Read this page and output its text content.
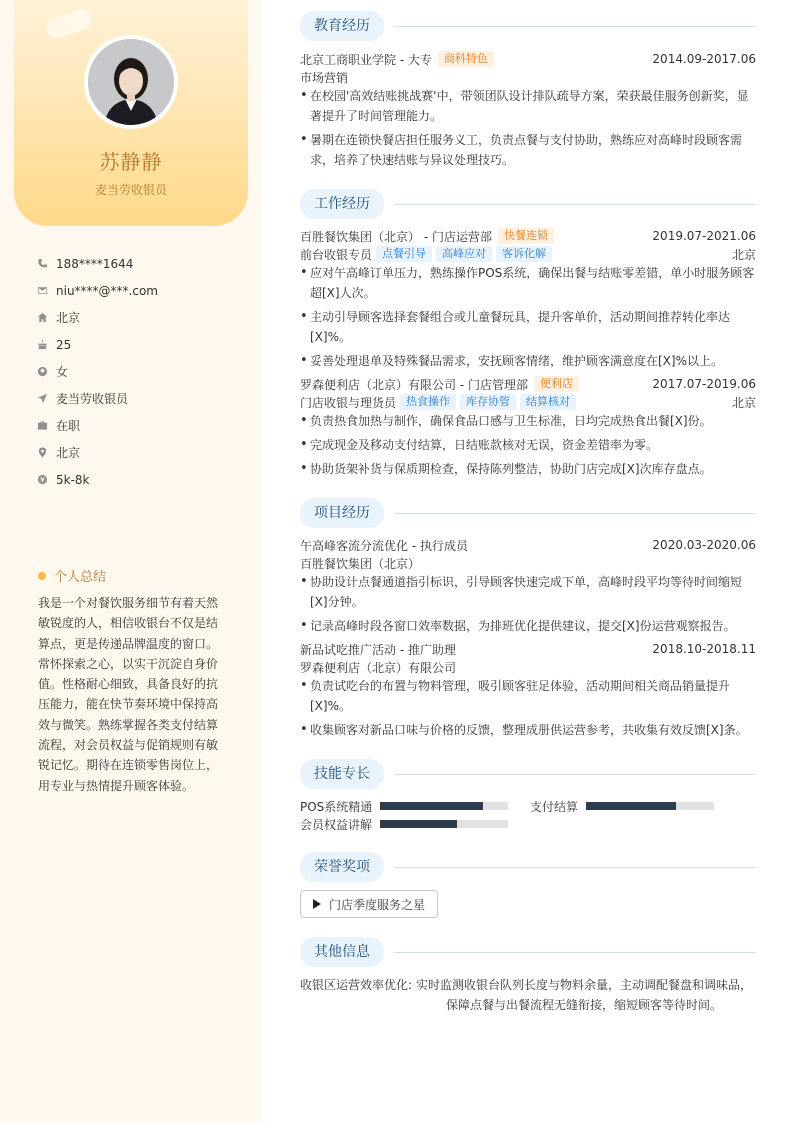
苏静静
麦当劳收银员
188****1644
niu****@***.com
北京
25
女
麦当劳收银员
在职
北京
5k-8k
个人总结
我是一个对餐饮服务细节有着天然敏锐度的人，相信收银台不仅是结算点，更是传递品牌温度的窗口。常怀探索之心，以实干沉淀自身价值。性格耐心细致，具备良好的抗压能力，能在快节奏环境中保持高效与微笑。熟练掌握各类支付结算流程，对会员权益与促销规则有敏锐记忆。期待在连锁零售岗位上，用专业与热情提升顾客体验。
教育经历
北京工商职业学院 - 大专	商科特色	2014.09-2017.06
市场营销
• 在校园'高效结账挑战赛'中，带领团队设计排队疏导方案，荣获最佳服务创新奖，显著提升了时间管理能力。
• 暑期在连锁快餐店担任服务义工，负责点餐与支付协助，熟练应对高峰时段顾客需求，培养了快速结账与异议处理技巧。
工作经历
百胜餐饮集团（北京） - 门店运营部	快餐连锁	2019.07-2021.06
前台收银专员 点餐引导	高峰应对	客诉化解	北京
• 应对午高峰订单压力，熟练操作POS系统，确保出餐与结账零差错，单小时服务顾客超[X]人次。
• 主动引导顾客选择套餐组合或儿童餐玩具，提升客单价，活动期间推荐转化率达[X]%。
• 妥善处理退单及特殊餐品需求，安抚顾客情绪，维护顾客满意度在[X]%以上。
罗森便利店（北京）有限公司 - 门店管理部	便利店	2017.07-2019.06
门店收银与理货员 热食操作	库存协管	结算核对	北京
• 负责热食加热与制作，确保食品口感与卫生标准，日均完成热食出餐[X]份。
• 完成现金及移动支付结算，日结账款核对无误，资金差错率为零。
• 协助货架补货与保质期检查，保持陈列整洁，协助门店完成[X]次库存盘点。
项目经历
午高峰客流分流优化 - 执行成员	2020.03-2020.06
百胜餐饮集团（北京）
• 协助设计点餐通道指引标识，引导顾客快速完成下单，高峰时段平均等待时间缩短[X]分钟。
• 记录高峰时段各窗口效率数据，为排班优化提供建议，提交[X]份运营观察报告。
新品试吃推广活动 - 推广助理	2018.10-2018.11
罗森便利店（北京）有限公司
• 负责试吃台的布置与物料管理，吸引顾客驻足体验，活动期间相关商品销量提升[X]%。
• 收集顾客对新品口味与价格的反馈，整理成册供运营参考，共收集有效反馈[X]条。
技能专长
POS系统精通	支付结算
会员权益讲解
荣誉奖项
门店季度服务之星
其他信息
收银区运营效率优化: 实时监测收银台队列长度与物料余量，主动调配餐盘和调味品，保障点餐与出餐流程无缝衔接，缩短顾客等待时间。
